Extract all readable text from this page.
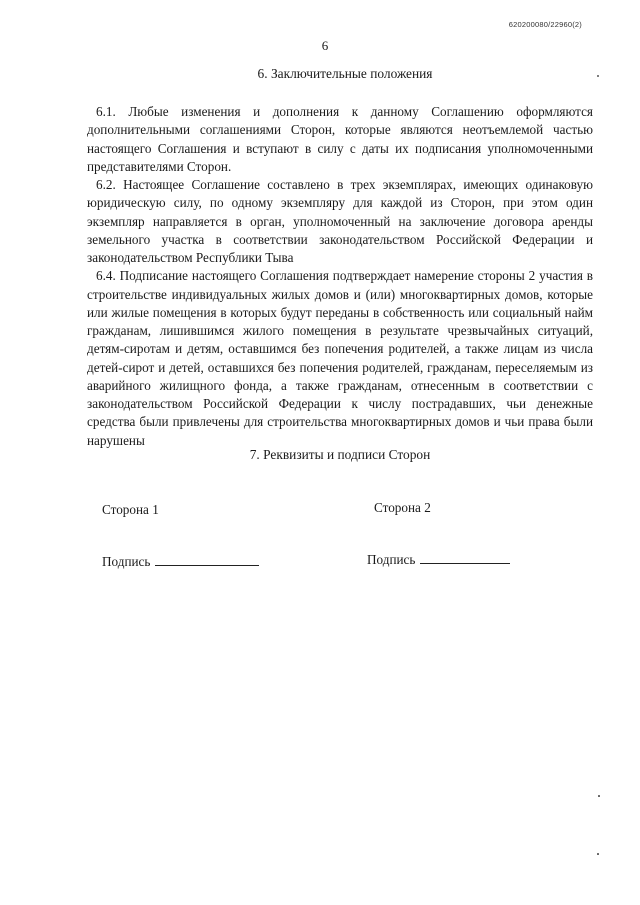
620200080/22960(2)
6
6. Заключительные положения

6.1. Любые изменения и дополнения к данному Соглашению оформляются дополнительными соглашениями Сторон, которые являются неотъемлемой частью настоящего Соглашения и вступают в силу с даты их подписания уполномоченными представителями Сторон.

6.2. Настоящее Соглашение составлено в трех экземплярах, имеющих одинаковую юридическую силу, по одному экземпляру для каждой из Сторон, при этом один экземпляр направляется в орган, уполномоченный на заключение договора аренды земельного участка в соответствии законодательством Российской Федерации и законодательством Республики Тыва

6.4. Подписание настоящего Соглашения подтверждает намерение стороны 2 участия в строительстве индивидуальных жилых домов и (или) многоквартирных домов, которые или жилые помещения в которых будут переданы в собственность или социальный найм гражданам, лишившимся жилого помещения в результате чрезвычайных ситуаций, детям-сиротам и детям, оставшимся без попечения родителей, а также лицам из числа детей-сирот и детей, оставшихся без попечения родителей, гражданам, переселяемым из аварийного жилищного фонда, а также гражданам, отнесенным в соответствии с законодательством Российской Федерации к числу пострадавших, чьи денежные средства были привлечены для строительства многоквартирных домов и чьи права были нарушены

7. Реквизиты и подписи Сторон
Сторона 1	Сторона 2
Подпись	Подпись
